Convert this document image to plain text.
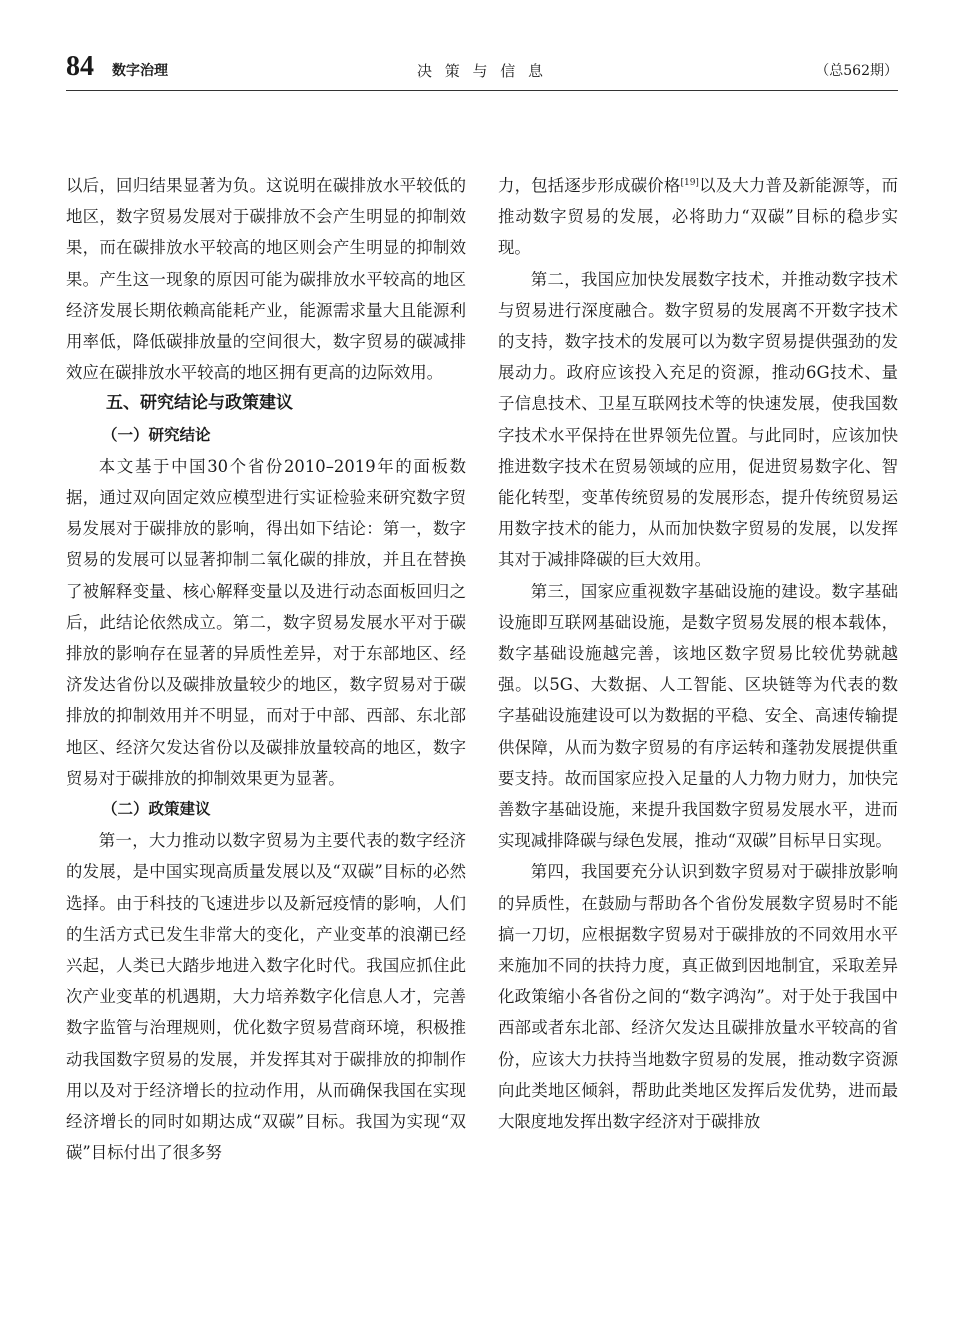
84 数字治理	决 策 与 信 息	（总562期）

以后，回归结果显著为负。这说明在碳排放水平较低的地区，数字贸易发展对于碳排放不会产生明显的抑制效果，而在碳排放水平较高的地区则会产生明显的抑制效果。产生这一现象的原因可能为碳排放水平较高的地区经济发展长期依赖高能耗产业，能源需求量大且能源利用率低，降低碳排放量的空间很大，数字贸易的碳减排效应在碳排放水平较高的地区拥有更高的边际效用。

五、研究结论与政策建议
（一）研究结论

本文基于中国30个省份2010–2019年的面板数据，通过双向固定效应模型进行实证检验来研究数字贸易发展对于碳排放的影响，得出如下结论：第一，数字贸易的发展可以显著抑制二氧化碳的排放，并且在替换了被解释变量、核心解释变量以及进行动态面板回归之后，此结论依然成立。第二，数字贸易发展水平对于碳排放的影响存在显著的异质性差异，对于东部地区、经济发达省份以及碳排放量较少的地区，数字贸易对于碳排放的抑制效用并不明显，而对于中部、西部、东北部地区、经济欠发达省份以及碳排放量较高的地区，数字贸易对于碳排放的抑制效果更为显著。

（二）政策建议

第一，大力推动以数字贸易为主要代表的数字经济的发展，是中国实现高质量发展以及“双碳”目标的必然选择。由于科技的飞速进步以及新冠疫情的影响，人们的生活方式已发生非常大的变化，产业变革的浪潮已经兴起，人类已大踏步地进入数字化时代。我国应抓住此次产业变革的机遇期，大力培养数字化信息人才，完善数字监管与治理规则，优化数字贸易营商环境，积极推动我国数字贸易的发展，并发挥其对于碳排放的抑制作用以及对于经济增长的拉动作用，从而确保我国在实现经济增长的同时如期达成“双碳”目标。我国为实现“双碳”目标付出了很多努

力，包括逐步形成碳价格[19]以及大力普及新能源等，而推动数字贸易的发展，必将助力“双碳”目标的稳步实现。

第二，我国应加快发展数字技术，并推动数字技术与贸易进行深度融合。数字贸易的发展离不开数字技术的支持，数字技术的发展可以为数字贸易提供强劲的发展动力。政府应该投入充足的资源，推动6G技术、量子信息技术、卫星互联网技术等的快速发展，使我国数字技术水平保持在世界领先位置。与此同时，应该加快推进数字技术在贸易领域的应用，促进贸易数字化、智能化转型，变革传统贸易的发展形态，提升传统贸易运用数字技术的能力，从而加快数字贸易的发展，以发挥其对于减排降碳的巨大效用。

第三，国家应重视数字基础设施的建设。数字基础设施即互联网基础设施，是数字贸易发展的根本载体，数字基础设施越完善，该地区数字贸易比较优势就越强。以5G、大数据、人工智能、区块链等为代表的数字基础设施建设可以为数据的平稳、安全、高速传输提供保障，从而为数字贸易的有序运转和蓬勃发展提供重要支持。故而国家应投入足量的人力物力财力，加快完善数字基础设施，来提升我国数字贸易发展水平，进而实现减排降碳与绿色发展，推动“双碳”目标早日实现。

第四，我国要充分认识到数字贸易对于碳排放影响的异质性，在鼓励与帮助各个省份发展数字贸易时不能搞一刀切，应根据数字贸易对于碳排放的不同效用水平来施加不同的扶持力度，真正做到因地制宜，采取差异化政策缩小各省份之间的“数字鸿沟”。对于处于我国中西部或者东北部、经济欠发达且碳排放量水平较高的省份，应该大力扶持当地数字贸易的发展，推动数字资源向此类地区倾斜，帮助此类地区发挥后发优势，进而最大限度地发挥出数字经济对于碳排放
